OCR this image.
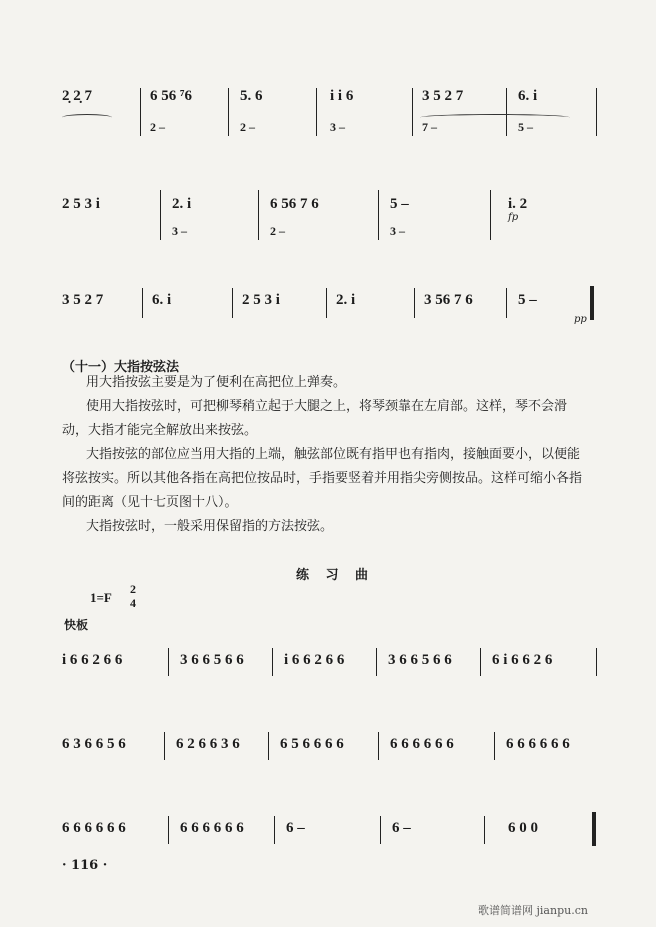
2̣ 2̣ 7	6 56 ⁷6	5. 6	i i 6	3 5 2 7	6. i
2 –	2 –	3 –	7 –	5 –
2 5 3 i	2. i	6 56 7 6	5 –	i. 2
3 –	2 –	3 –
fp
3 5 2 7	6. i	2 5 3 i	2. i	3 56 7 6	5 –
pp
（十一）大指按弦法
用大指按弦主要是为了便利在高把位上弹奏。
使用大指按弦时，可把柳琴稍立起于大腿之上，将琴颈靠在左肩部。这样，琴不会滑
动，大指才能完全解放出来按弦。
大指按弦的部位应当用大指的上端，触弦部位既有指甲也有指肉，接触面要小，以便能
将弦按实。所以其他各指在高把位按品时，手指要竖着并用指尖旁侧按品。这样可缩小各指
间的距离（见十七页图十八）。
大指按弦时，一般采用保留指的方法按弦。
练 习 曲
1=F
2
4
快板
i 6 6 2 6 6	3 6 6 5 6 6	i 6 6 2 6 6	3 6 6 5 6 6	6 i 6 6 2 6
6 3 6 6 5 6	6 2 6 6 3 6	6 5 6 6 6 6	6 6 6 6 6 6	6 6 6 6 6 6
6 6 6 6 6 6	6 6 6 6 6 6	6 –	6 –	6 0 0
· 116 ·
歌谱简谱网 jianpu.cn
